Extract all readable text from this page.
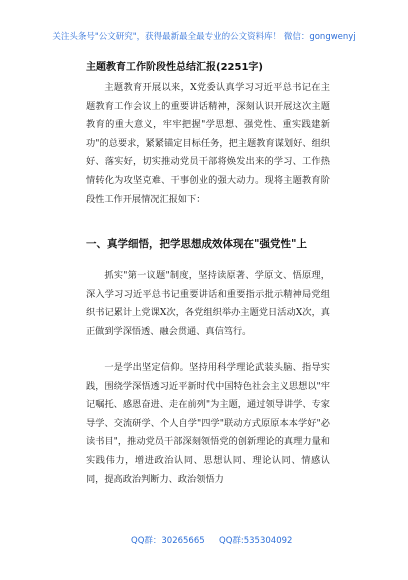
关注头条号"公文研究"，获得最新最全最专业的公文资料库！ 微信：gongwenyj
主题教育工作阶段性总结汇报(2251字)

主题教育开展以来，X党委认真学习习近平总书记在主题教育工作会议上的重要讲话精神，深刻认识开展这次主题教育的重大意义，牢牢把握"学思想、强党性、重实践建新功"的总要求，紧紧锚定目标任务，把主题教育谋划好、组织好、落实好，切实推动党员干部将焕发出来的学习、工作热情转化为攻坚克难、干事创业的强大动力。现将主题教育阶段性工作开展情况汇报如下：

一、真学细悟，把学思想成效体现在"强党性"上

抓实"第一议题"制度，坚持读原著、学原文、悟原理，深入学习习近平总书记重要讲话和重要指示批示精神局党组织书记累计上党课X次，各党组织举办主题党日活动X次，真正做到学深悟透、融会贯通、真信笃行。

一是学出坚定信仰。坚持用科学理论武装头脑、指导实践，围绕学深悟透习近平新时代中国特色社会主义思想以"牢记嘱托、感恩奋进、走在前列"为主题，通过领导讲学、专家导学、交流研学、个人自学"四学"联动方式原原本本学好"必读书目"，推动党员干部深刻领悟党的创新理论的真理力量和实践伟力，增进政治认同、思想认同、理论认同、情感认同，提高政治判断力、政治领悟力

QQ群：30265665 QQ群:535304092
